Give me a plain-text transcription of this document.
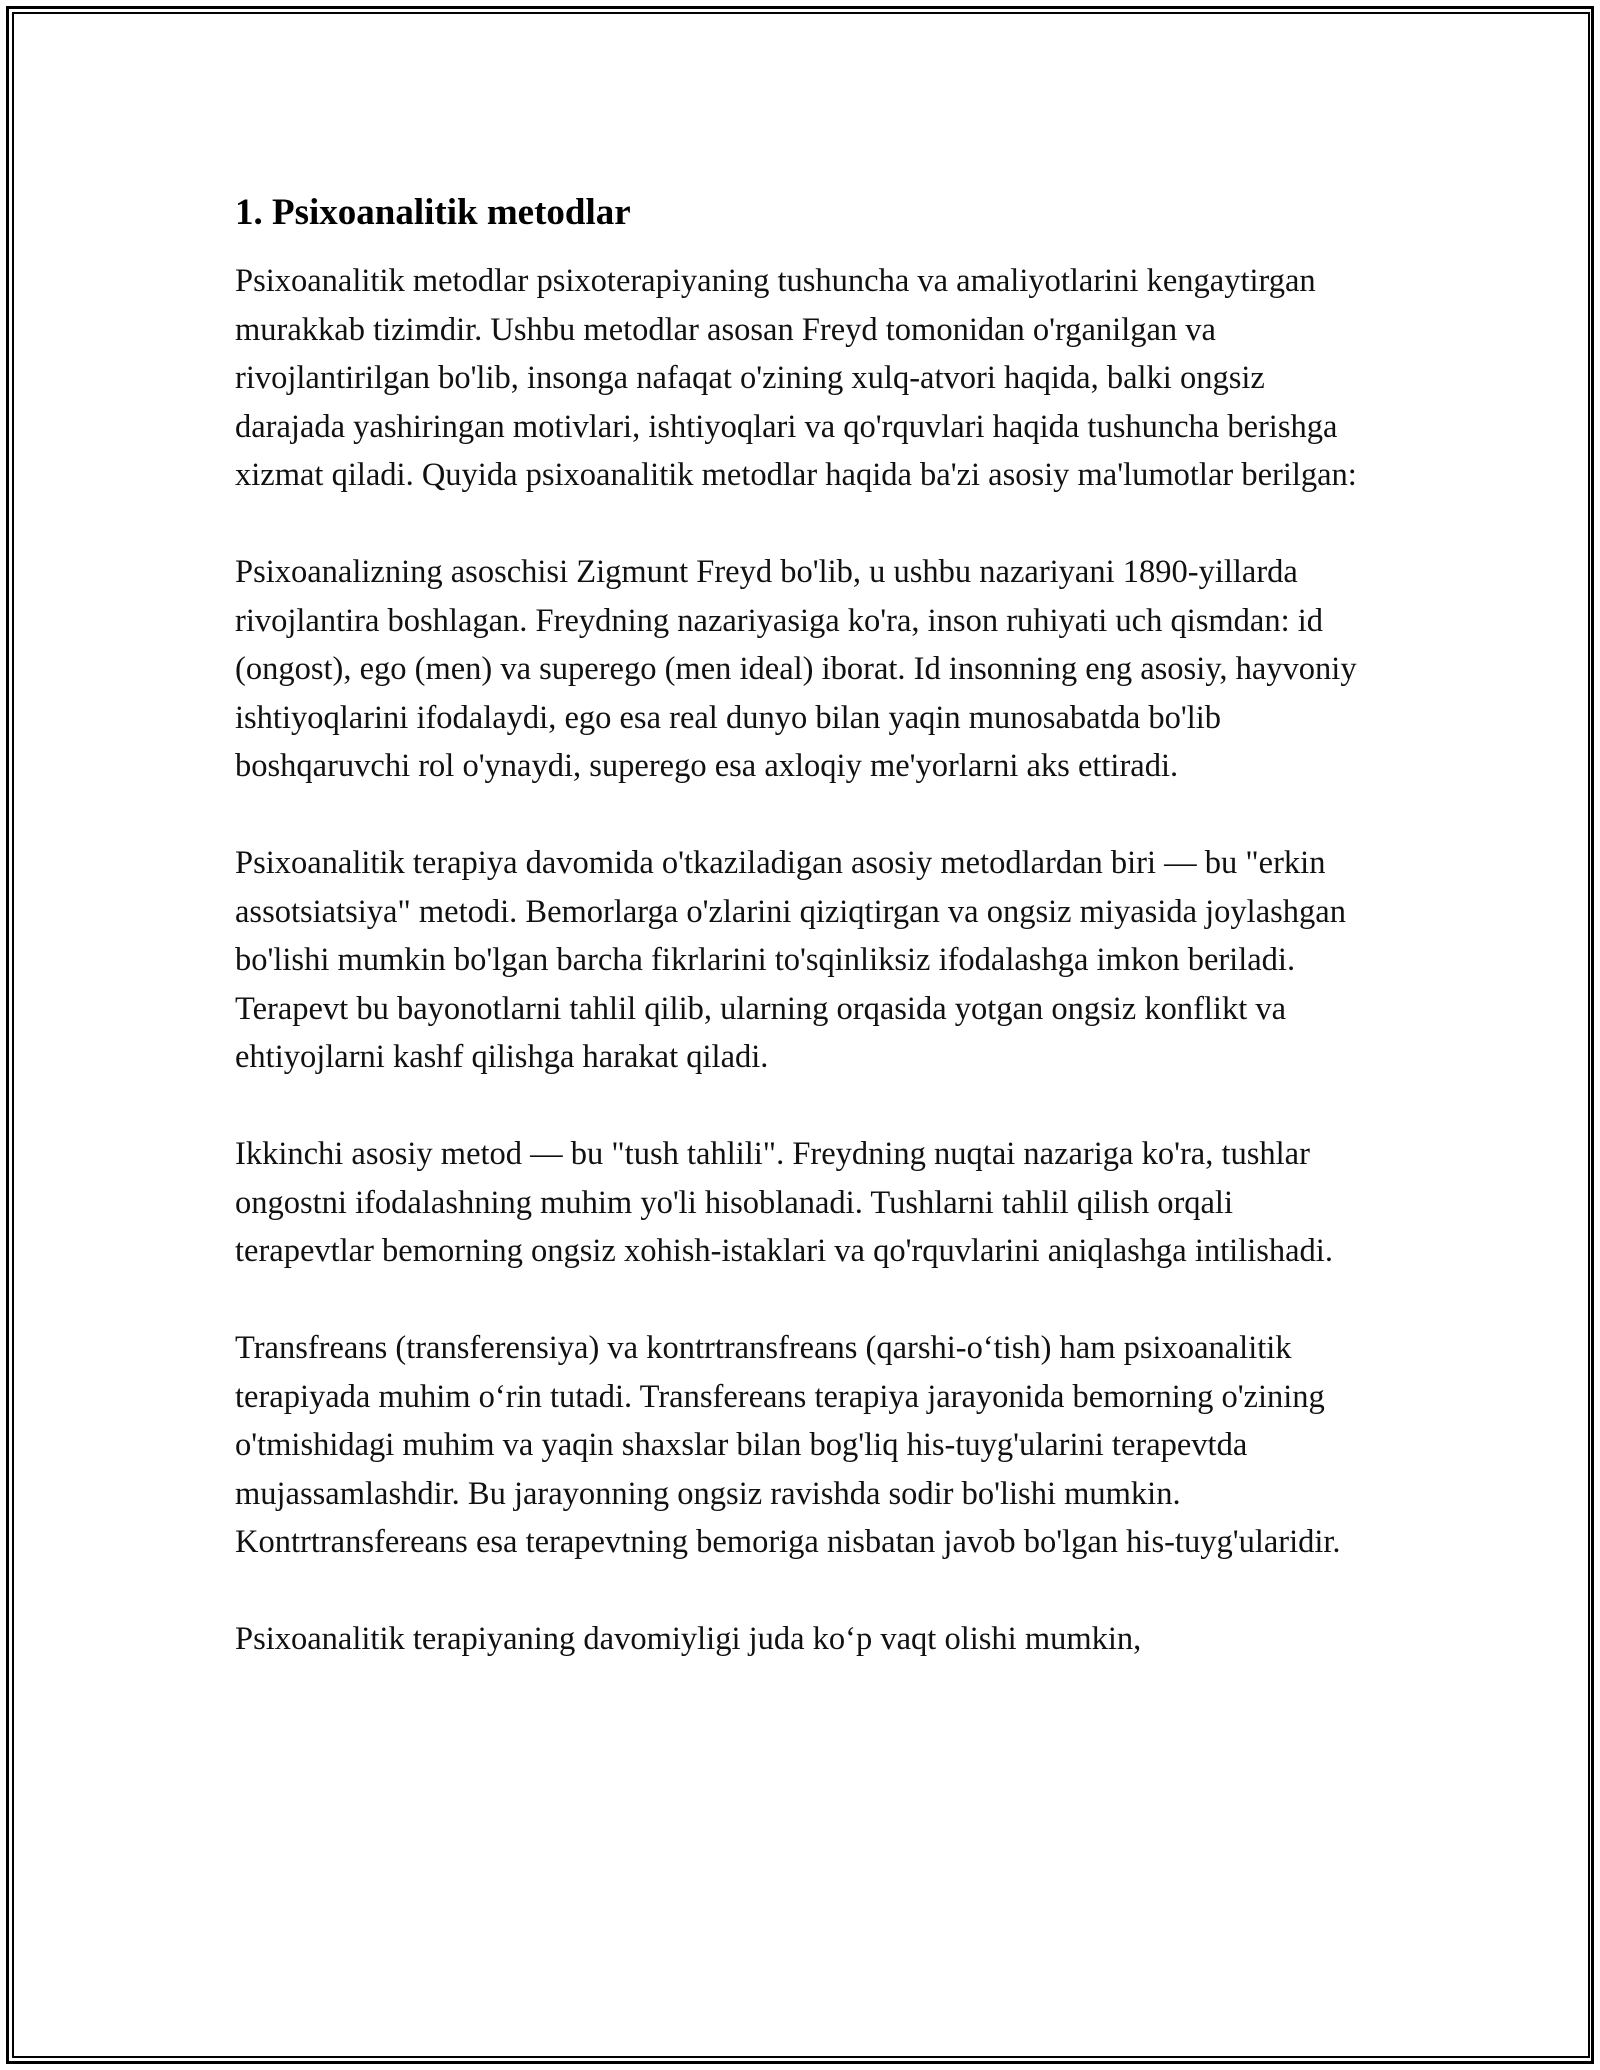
1. Psixoanalitik metodlar

Psixoanalitik metodlar psixoterapiyaning tushuncha va amaliyotlarini kengaytirgan murakkab tizimdir. Ushbu metodlar asosan Freyd tomonidan o'rganilgan va rivojlantirilgan bo'lib, insonga nafaqat o'zining xulq-atvori haqida, balki ongsiz darajada yashiringan motivlari, ishtiyoqlari va qo'rquvlari haqida tushuncha berishga xizmat qiladi. Quyida psixoanalitik metodlar haqida ba'zi asosiy ma'lumotlar berilgan:

Psixoanalizning asoschisi Zigmunt Freyd bo'lib, u ushbu nazariyani 1890-yillarda rivojlantira boshlagan. Freydning nazariyasiga ko'ra, inson ruhiyati uch qismdan: id (ongost), ego (men) va superego (men ideal) iborat. Id insonning eng asosiy, hayvoniy ishtiyoqlarini ifodalaydi, ego esa real dunyo bilan yaqin munosabatda bo'lib boshqaruvchi rol o'ynaydi, superego esa axloqiy me'yorlarni aks ettiradi.

Psixoanalitik terapiya davomida o'tkaziladigan asosiy metodlardan biri — bu "erkin assotsiatsiya" metodi. Bemorlarga o'zlarini qiziqtirgan va ongsiz miyasida joylashgan bo'lishi mumkin bo'lgan barcha fikrlarini to'sqinliksiz ifodalashga imkon beriladi. Terapevt bu bayonotlarni tahlil qilib, ularning orqasida yotgan ongsiz konflikt va ehtiyojlarni kashf qilishga harakat qiladi.

Ikkinchi asosiy metod — bu "tush tahlili". Freydning nuqtai nazariga ko'ra, tushlar ongostni ifodalashning muhim yo'li hisoblanadi. Tushlarni tahlil qilish orqali terapevtlar bemorning ongsiz xohish-istaklari va qo'rquvlarini aniqlashga intilishadi.

Transfreans (transferensiya) va kontrtransfreans (qarshi-o‘tish) ham psixoanalitik terapiyada muhim o‘rin tutadi. Transfereans terapiya jarayonida bemorning o'zining o'tmishidagi muhim va yaqin shaxslar bilan bog'liq his-tuyg'ularini terapevtda mujassamlashdir. Bu jarayonning ongsiz ravishda sodir bo'lishi mumkin. Kontrtransfereans esa terapevtning bemoriga nisbatan javob bo'lgan his-tuyg'ularidir.

Psixoanalitik terapiyaning davomiyligi juda ko‘p vaqt olishi mumkin,
